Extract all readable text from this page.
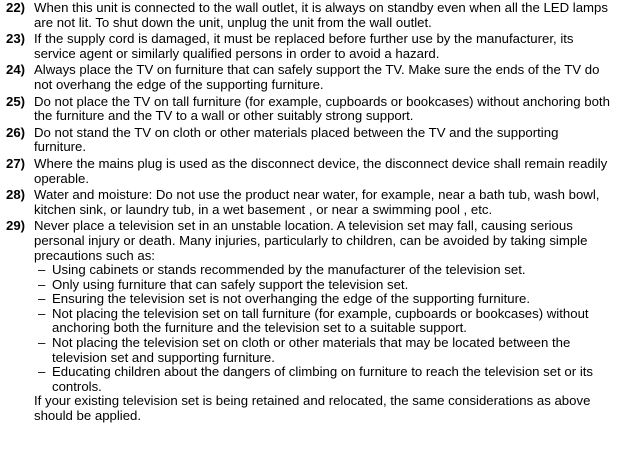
22) When this unit is connected to the wall outlet, it is always on standby even when all the LED lamps are not lit. To shut down the unit, unplug the unit from the wall outlet.
23) If the supply cord is damaged, it must be replaced before further use by the manufacturer, its service agent or similarly qualified persons in order to avoid a hazard.
24) Always place the TV on furniture that can safely support the TV. Make sure the ends of the TV do not overhang the edge of the supporting furniture.
25) Do not place the TV on tall furniture (for example, cupboards or bookcases) without anchoring both the furniture and the TV to a wall or other suitably strong support.
26) Do not stand the TV on cloth or other materials placed between the TV and the supporting furniture.
27) Where the mains plug is used as the disconnect device, the disconnect device shall remain readily operable.
28) Water and moisture: Do not use the product near water, for example, near a bath tub, wash bowl, kitchen sink, or laundry tub, in a wet basement , or near a swimming pool , etc.
29) Never place a television set in an unstable location. A television set may fall, causing serious personal injury or death. Many injuries, particularly to children, can be avoided by taking simple precautions such as:

– Using cabinets or stands recommended by the manufacturer of the television set.
– Only using furniture that can safely support the television set.
– Ensuring the television set is not overhanging the edge of the supporting furniture.
– Not placing the television set on tall furniture (for example, cupboards or bookcases) without anchoring both the furniture and the television set to a suitable support.
– Not placing the television set on cloth or other materials that may be located between the television set and supporting furniture.
– Educating children about the dangers of climbing on furniture to reach the television set or its controls.

If your existing television set is being retained and relocated, the same considerations as above should be applied.
